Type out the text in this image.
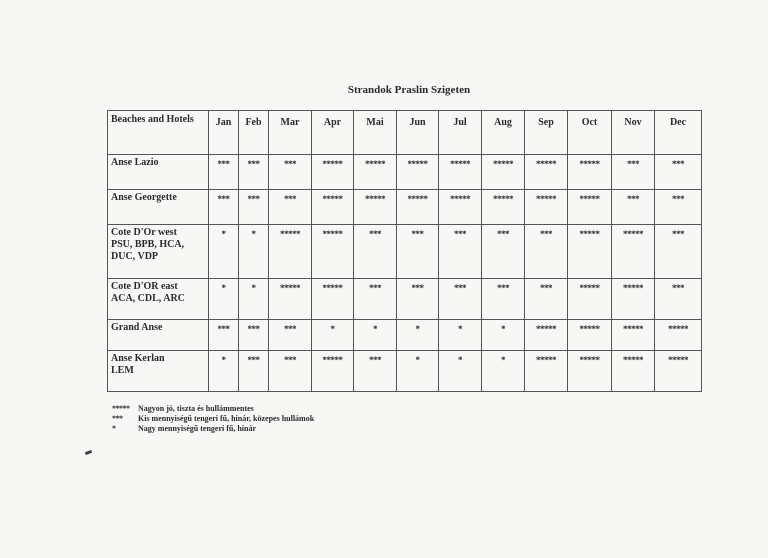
Strandok Praslin Szigeten
Beaches and Hotels	Jan	Feb	Mar	Apr	Mai	Jun	Jul	Aug	Sep	Oct	Nov	Dec

Anse Lazio	***	***	***	*****	*****	*****	*****	*****	*****	*****	***	***

Anse Georgette	***	***	***	*****	*****	*****	*****	*****	*****	*****	***	***

Cote D'Or west
PSU, BPB, HCA,
DUC, VDP	*	*	*****	*****	***	***	***	***	***	*****	*****	***

Cote D'OR east
ACA, CDL, ARC	*	*	*****	*****	***	***	***	***	***	*****	*****	***

Grand Anse	***	***	***	*	*	*	*	*	*****	*****	*****	*****

Anse Kerlan
LEM	*	***	***	*****	***	*	*	*	*****	*****	*****	*****
*****	Nagyon jó, tiszta és hullámmentes
***	Kis mennyiségű tengeri fű, hínár, közepes hullámok
*	Nagy mennyiségű tengeri fű, hínár
